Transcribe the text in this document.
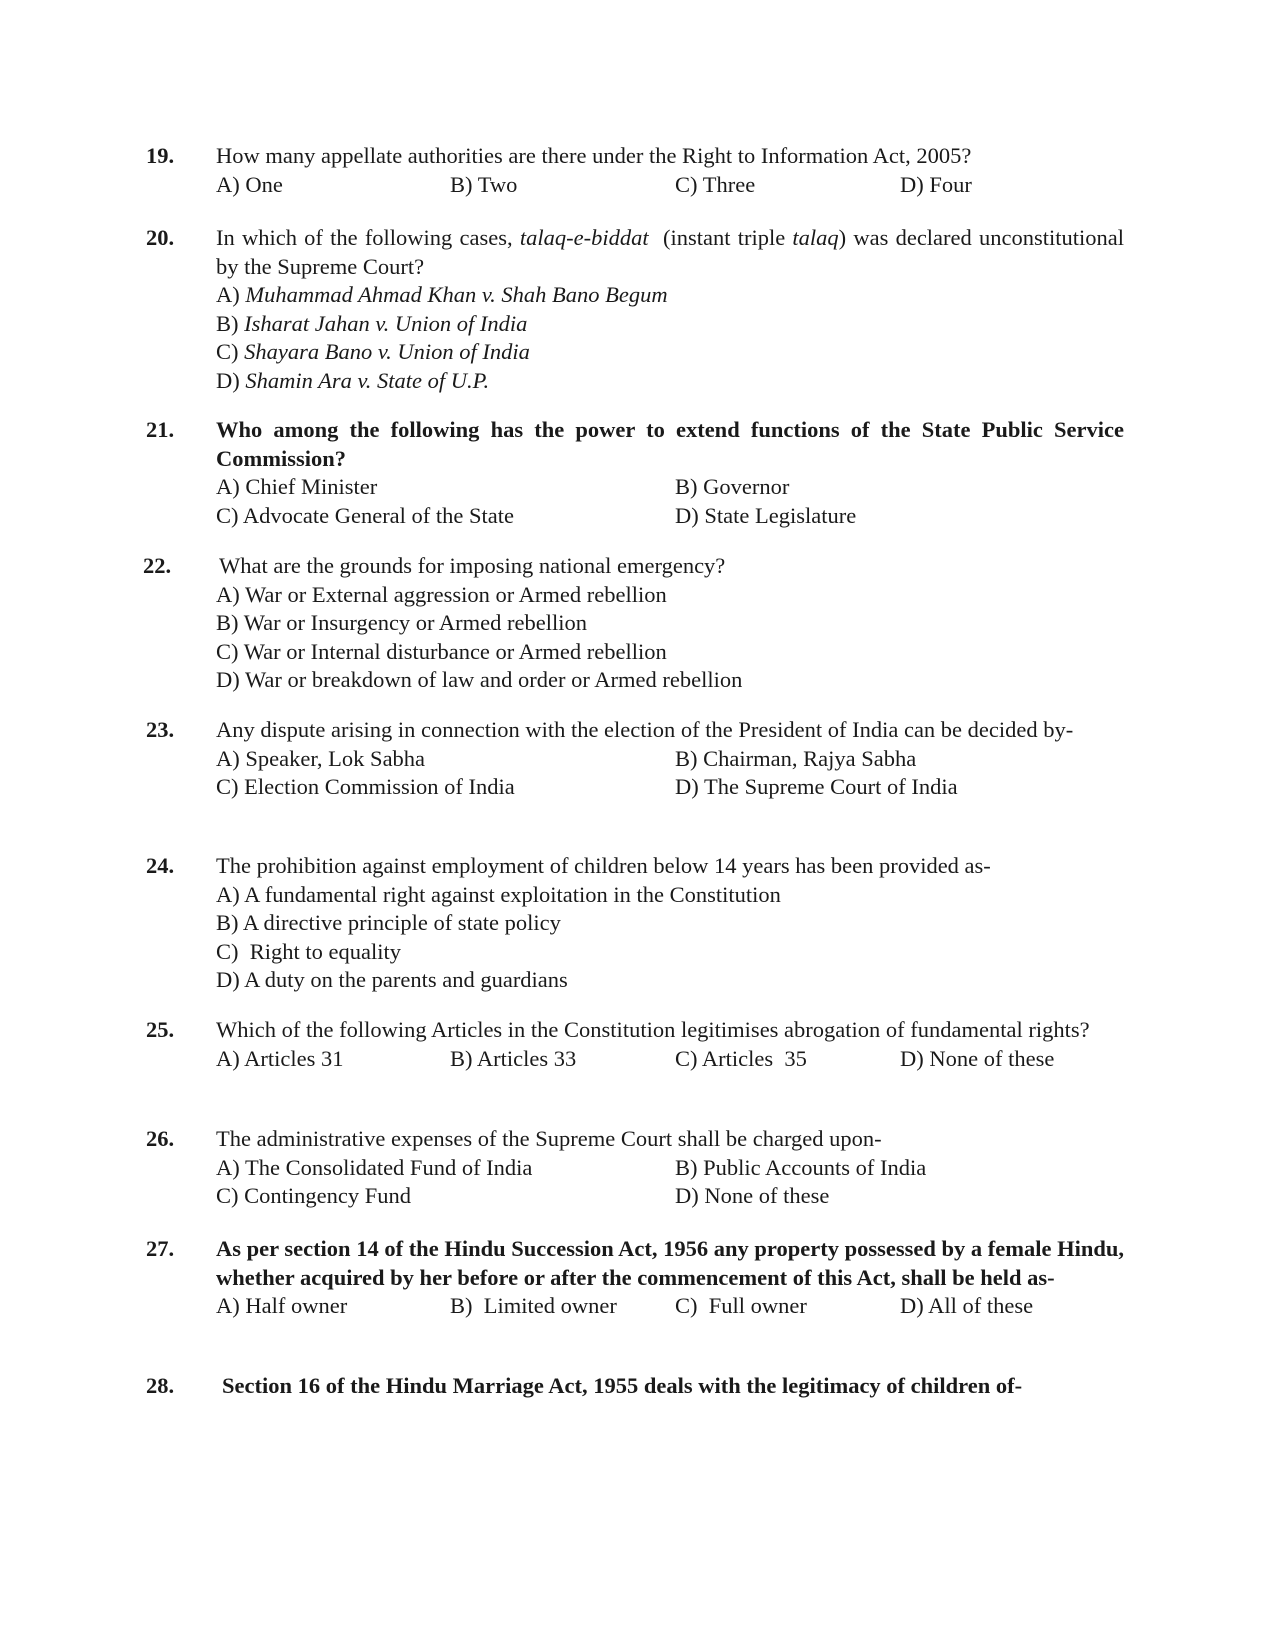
19. How many appellate authorities are there under the Right to Information Act, 2005?
A) One	B) Two	C) Three	D) Four
20. In which of the following cases, talaq-e-biddat  (instant triple talaq) was declared unconstitutional by the Supreme Court?
A) Muhammad Ahmad Khan v. Shah Bano Begum
B) Isharat Jahan v. Union of India
C) Shayara Bano v. Union of India
D) Shamin Ara v. State of U.P.
21. Who among the following has the power to extend functions of the State Public Service Commission?
A) Chief Minister	B) Governor
C) Advocate General of the State	D) State Legislature
22. What are the grounds for imposing national emergency?
A) War or External aggression or Armed rebellion
B) War or Insurgency or Armed rebellion
C) War or Internal disturbance or Armed rebellion
D) War or breakdown of law and order or Armed rebellion
23. Any dispute arising in connection with the election of the President of India can be decided by-
A) Speaker, Lok Sabha	B) Chairman, Rajya Sabha
C) Election Commission of India	D) The Supreme Court of India
24. The prohibition against employment of children below 14 years has been provided as-
A) A fundamental right against exploitation in the Constitution
B) A directive principle of state policy
C)  Right to equality
D) A duty on the parents and guardians
25. Which of the following Articles in the Constitution legitimises abrogation of fundamental rights?

A) Articles 31

	B) Articles 33

	C) Articles  35

	D) None of these

26. The administrative expenses of the Supreme Court shall be charged upon-
A) The Consolidated Fund of India	B) Public Accounts of India
C) Contingency Fund	D) None of these
27. As per section 14 of the Hindu Succession Act, 1956 any property possessed by a female Hindu, whether acquired by her before or after the commencement of this Act, shall be held as-
A) Half owner	B)  Limited owner	C)  Full owner	D) All of these
28. Section 16 of the Hindu Marriage Act, 1955 deals with the legitimacy of children of-
